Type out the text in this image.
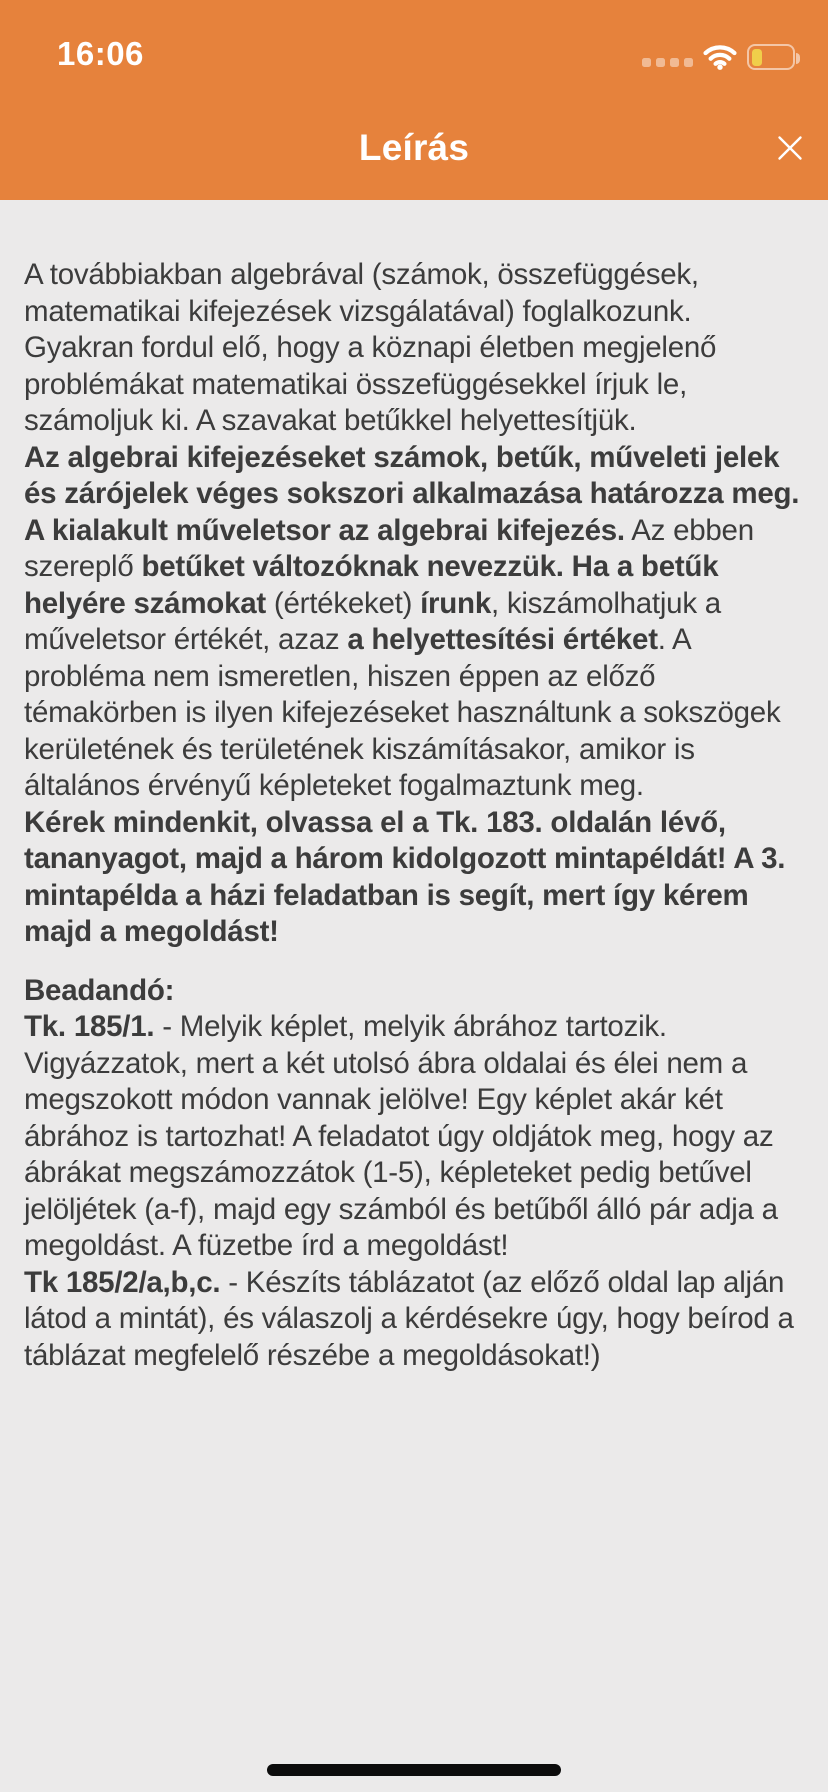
16:06
Leírás

A továbbiakban algebrával (számok, összefüggések, matematikai kifejezések vizsgálatával) foglalkozunk. Gyakran fordul elő, hogy a köznapi életben megjelenő problémákat matematikai összefüggésekkel írjuk le, számoljuk ki. A szavakat betűkkel helyettesítjük.

Az algebrai kifejezéseket számok, betűk, műveleti jelek és zárójelek véges sokszori alkalmazása határozza meg. A kialakult műveletsor az algebrai kifejezés. Az ebben szereplő betűket változóknak nevezzük. Ha a betűk helyére számokat (értékeket) írunk, kiszámolhatjuk a műveletsor értékét, azaz a helyettesítési értéket. A probléma nem ismeretlen, hiszen éppen az előző témakörben is ilyen kifejezéseket használtunk a sokszögek kerületének és területének kiszámításakor, amikor is általános érvényű képleteket fogalmaztunk meg.

Kérek mindenkit, olvassa el a Tk. 183. oldalán lévő, tananyagot, majd a három kidolgozott mintapéldát! A 3. mintapélda a házi feladatban is segít, mert így kérem majd a megoldást!

Beadandó:

Tk. 185/1. - Melyik képlet, melyik ábrához tartozik. Vigyázzatok, mert a két utolsó ábra oldalai és élei nem a megszokott módon vannak jelölve! Egy képlet akár két ábrához is tartozhat! A feladatot úgy oldjátok meg, hogy az ábrákat megszámozzátok (1-5), képleteket pedig betűvel jelöljétek (a-f), majd egy számból és betűből álló pár adja a megoldást. A füzetbe írd a megoldást!

Tk 185/2/a,b,c. - Készíts táblázatot (az előző oldal lap alján látod a mintát), és válaszolj a kérdésekre úgy, hogy beírod a táblázat megfelelő részébe a megoldásokat!)
